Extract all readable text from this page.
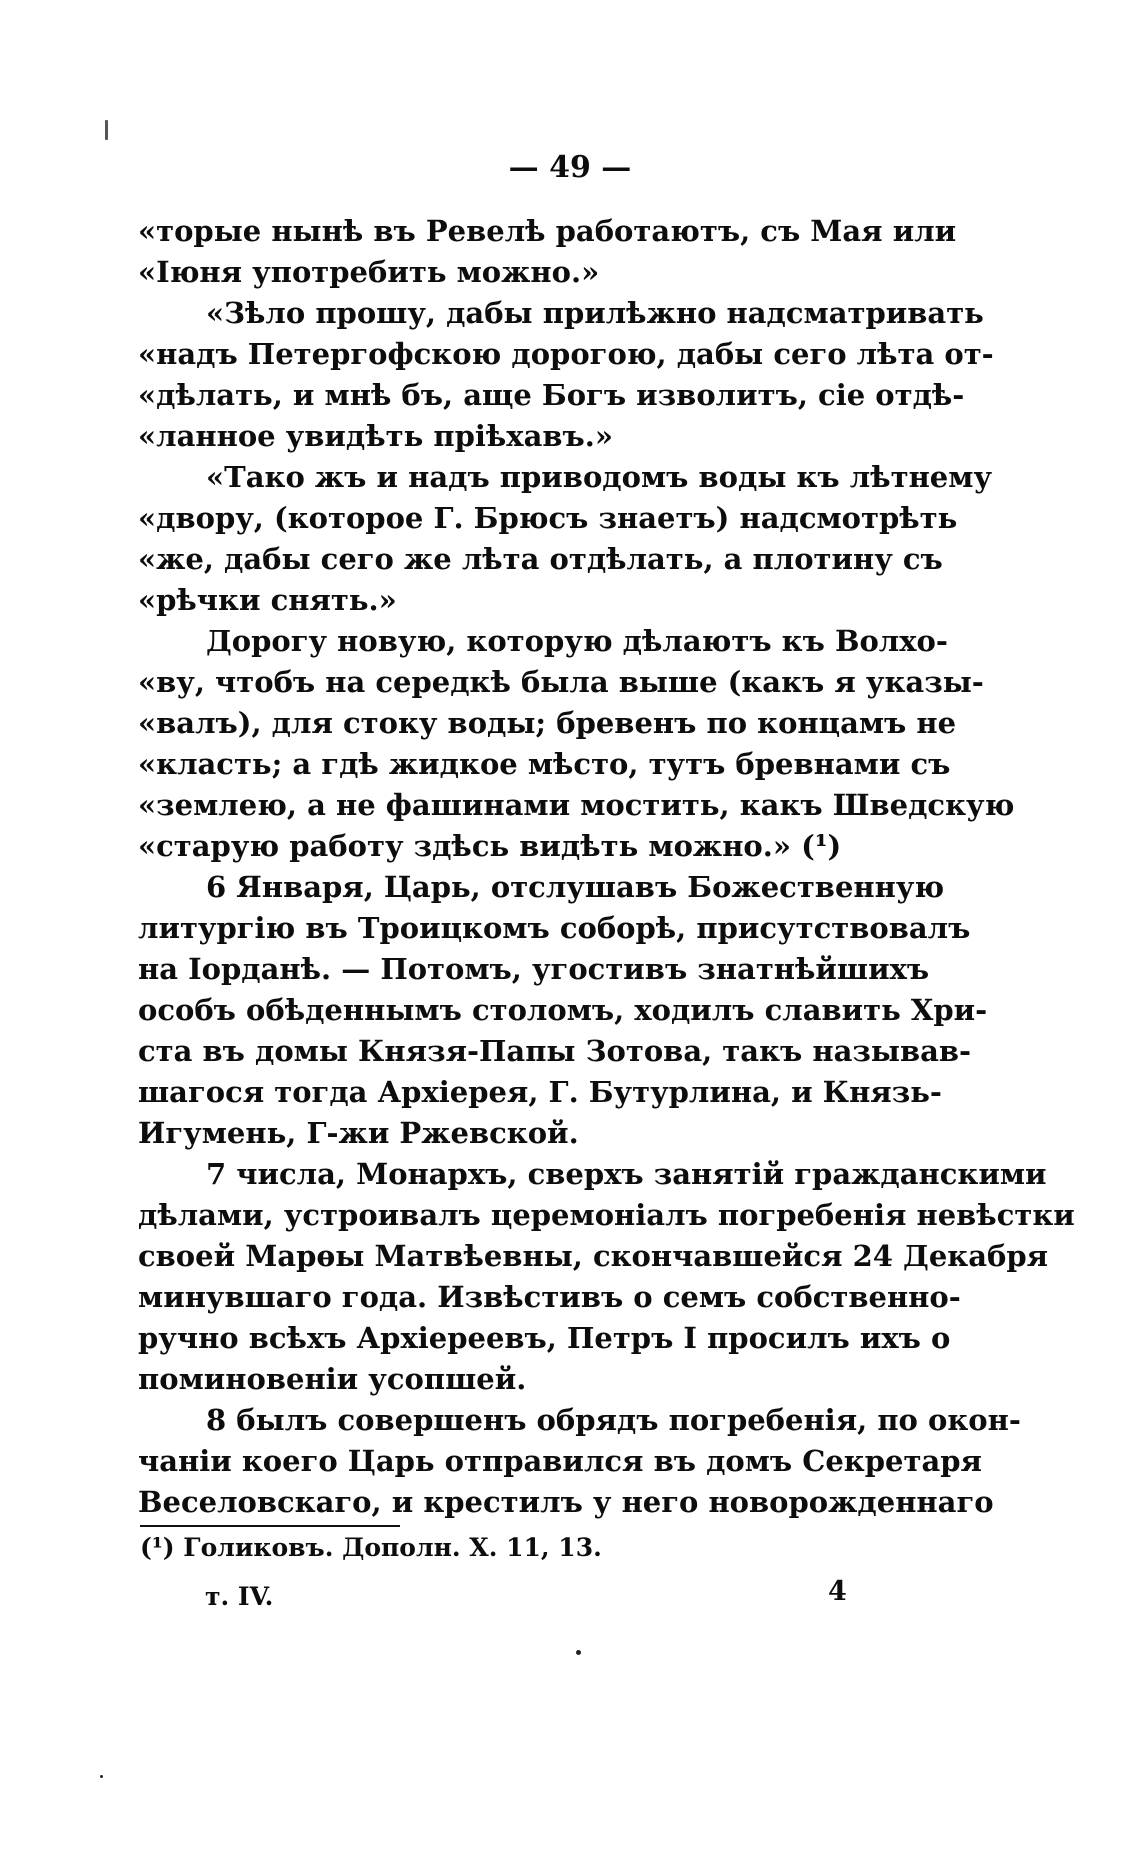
— 49 —
«торые нынѣ въ Ревелѣ работаютъ, съ Мая или
«Іюня употребить можно.»
«Зѣло прошу, дабы прилѣжно надсматривать
«надъ Петергофскою дорогою, дабы сего лѣта от-
«дѣлать, и мнѣ бъ, аще Богъ изволитъ, сіе отдѣ-
«ланное увидѣть пріѣхавъ.»
«Тако жъ и надъ приводомъ воды къ лѣтнему
«двору, (которое Г. Брюсъ знаетъ) надсмотрѣть
«же, дабы сего же лѣта отдѣлать, а плотину съ
«рѣчки снять.»
Дорогу новую, которую дѣлаютъ къ Волхо-
«ву, чтобъ на середкѣ была выше (какъ я указы-
«валъ), для стоку воды; бревенъ по концамъ не
«класть; а гдѣ жидкое мѣсто, тутъ бревнами съ
«землею, а не фашинами мостить, какъ Шведскую
«старую работу здѣсь видѣть можно.» (¹)
6 Января, Царь, отслушавъ Божественную
литургію въ Троицкомъ соборѣ, присутствовалъ
на Іорданѣ. — Потомъ, угостивъ знатнѣйшихъ
особъ обѣденнымъ столомъ, ходилъ славить Хри-
ста въ домы Князя-Папы Зотова, такъ называв-
шагося тогда Архіерея, Г. Бутурлина, и Князь-
Игумень, Г-жи Ржевской.
7 числа, Монархъ, сверхъ занятій гражданскими
дѣлами, устроивалъ церемоніалъ погребенія невѣстки
своей Марѳы Матвѣевны, скончавшейся 24 Декабря
минувшаго года. Извѣстивъ о семъ собственно-
ручно всѣхъ Архіереевъ, Петръ I просилъ ихъ о
поминовеніи усопшей.
8 былъ совершенъ обрядъ погребенія, по окон-
чаніи коего Царь отправился въ домъ Секретаря
Веселовскаго, и крестилъ у него новорожденнаго
(¹) Голиковъ. Дополн. X. 11, 13.
т. IV.	4
